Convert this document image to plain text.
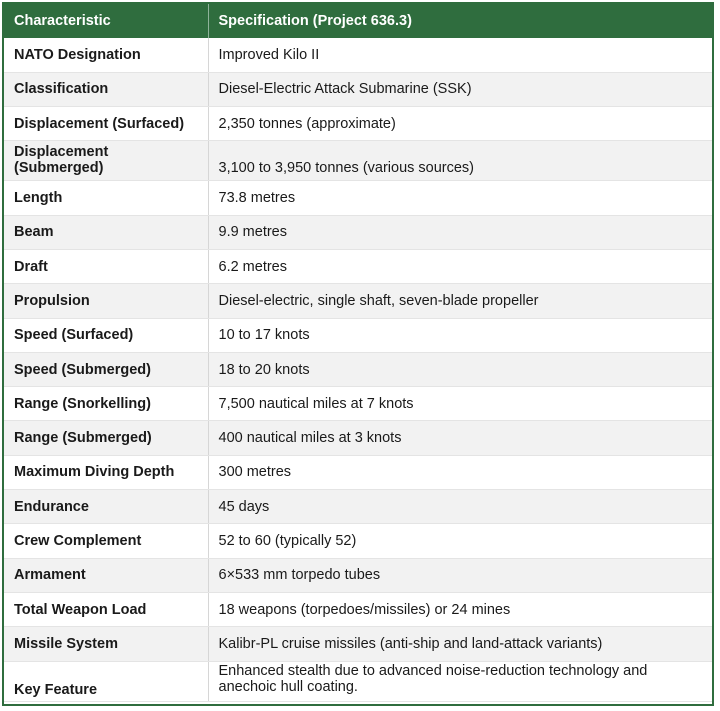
Characteristic	Specification (Project 636.3)
NATO Designation	Improved Kilo II
Classification	Diesel-Electric Attack Submarine (SSK)
Displacement (Surfaced)	2,350 tonnes (approximate)

Displacement (Submerged)	3,100 to 3,950 tonnes (various sources)
Length	73.8 metres
Beam	9.9 metres
Draft	6.2 metres
Propulsion	Diesel-electric, single shaft, seven-blade propeller
Speed (Surfaced)	10 to 17 knots
Speed (Submerged)	18 to 20 knots
Range (Snorkelling)	7,500 nautical miles at 7 knots
Range (Submerged)	400 nautical miles at 3 knots
Maximum Diving Depth	300 metres
Endurance	45 days
Crew Complement	52 to 60 (typically 52)
Armament	6×533 mm torpedo tubes
Total Weapon Load	18 weapons (torpedoes/missiles) or 24 mines
Missile System	Kalibr-PL cruise missiles (anti-ship and land-attack variants)
Key Feature	Enhanced stealth due to advanced noise-reduction technology and anechoic hull coating.
